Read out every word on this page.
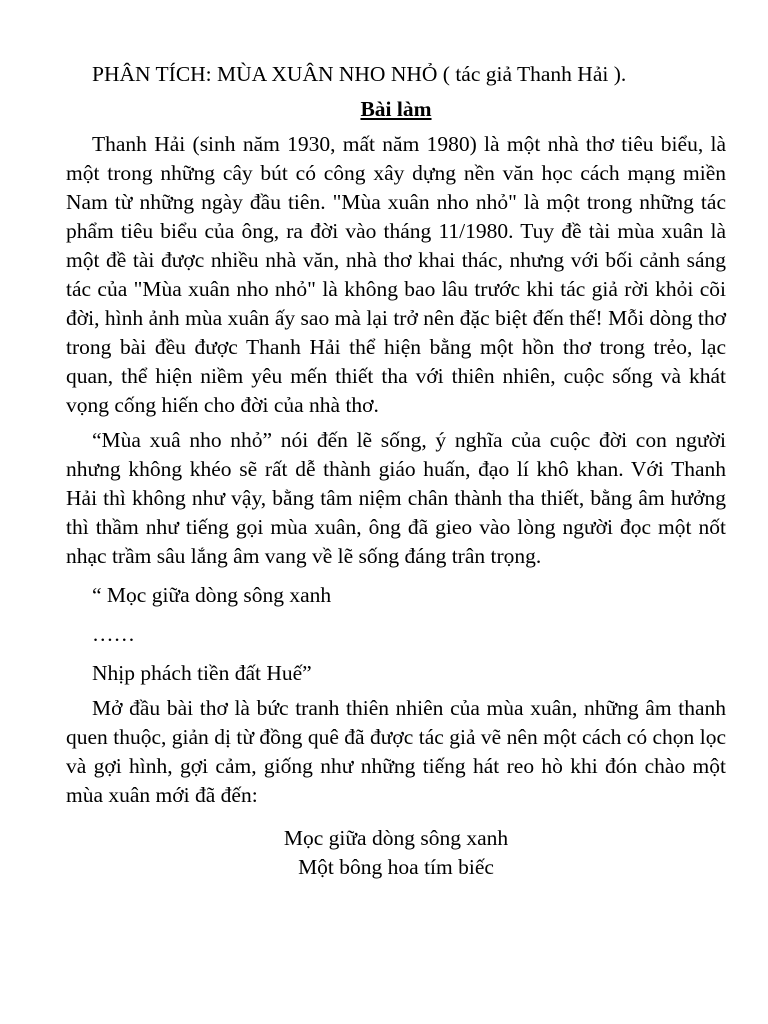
PHÂN TÍCH: MÙA XUÂN NHO NHỎ ( tác giả Thanh Hải ).
Bài làm

Thanh Hải (sinh năm 1930, mất năm 1980) là một nhà thơ tiêu biểu, là một trong những cây bút có công xây dựng nền văn học cách mạng miền Nam từ những ngày đầu tiên. "Mùa xuân nho nhỏ" là một trong những tác phẩm tiêu biểu của ông, ra đời vào tháng 11/1980. Tuy đề tài mùa xuân là một đề tài được nhiều nhà văn, nhà thơ khai thác, nhưng với bối cảnh sáng tác của "Mùa xuân nho nhỏ" là không bao lâu trước khi tác giả rời khỏi cõi đời, hình ảnh mùa xuân ấy sao mà lại trở nên đặc biệt đến thế! Mỗi dòng thơ trong bài đều được Thanh Hải thể hiện bằng một hồn thơ trong trẻo, lạc quan, thể hiện niềm yêu mến thiết tha với thiên nhiên, cuộc sống và khát vọng cống hiến cho đời của nhà thơ.

“Mùa xuâ nho nhỏ” nói đến lẽ sống, ý nghĩa của cuộc đời con người nhưng không khéo sẽ rất dễ thành giáo huấn, đạo lí khô khan. Với Thanh Hải thì không như vậy, bằng tâm niệm chân thành tha thiết, bằng âm hưởng thì thầm như tiếng gọi mùa xuân, ông đã gieo vào lòng người đọc một nốt nhạc trầm sâu lắng âm vang về lẽ sống đáng trân trọng.

“ Mọc giữa dòng sông xanh
……
Nhịp phách tiền đất Huế”

Mở đầu bài thơ là bức tranh thiên nhiên của mùa xuân, những âm thanh quen thuộc, giản dị từ đồng quê đã được tác giả vẽ nên một cách có chọn lọc và gợi hình, gợi cảm, giống như những tiếng hát reo hò khi đón chào một mùa xuân mới đã đến:

Mọc giữa dòng sông xanh
Một bông hoa tím biếc
